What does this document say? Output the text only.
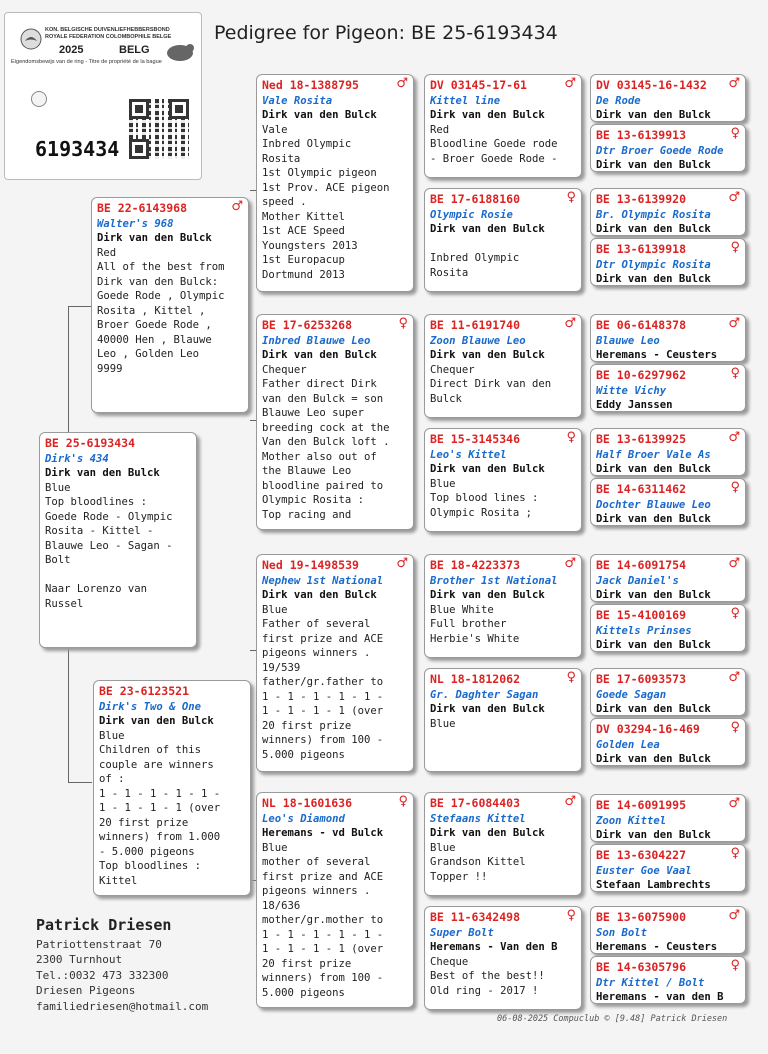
Pedigree for Pigeon: BE 25-6193434
KON. BELGISCHE DUIVENLIEFHEBBERSBOND
ROYALE FEDERATION COLOMBOPHILE BELGE
2025	BELG
Eigendomsbewijs van de ring - Titre de propriété de la bague
6193434
BE 25-6193434
Dirk's 434
Dirk van den Bulck
Blue
Top bloodlines :
Goede Rode - Olympic
Rosita - Kittel -
Blauwe Leo - Sagan -
Bolt

Naar Lorenzo van
Russel
BE 22-6143968	♂
Walter's 968
Dirk van den Bulck
Red
All of the best from
Dirk van den Bulck:
Goede Rode , Olympic
Rosita , Kittel ,
Broer Goede Rode ,
40000 Hen , Blauwe
Leo , Golden Leo
9999
BE 23-6123521
Dirk's Two & One
Dirk van den Bulck
Blue
Children of this
couple are winners
of :
1 - 1 - 1 - 1 - 1 -
1 - 1 - 1 - 1 (over
20 first prize
winners) from 1.000
- 5.000 pigeons
Top bloodlines :
Kittel
Ned 18-1388795	♂
Vale Rosita
Dirk van den Bulck
Vale
Inbred Olympic
Rosita
1st Olympic pigeon
1st Prov. ACE pigeon
speed .
Mother Kittel
1st ACE Speed
Youngsters 2013
1st Europacup
Dortmund 2013
BE 17-6253268	♀
Inbred Blauwe Leo
Dirk van den Bulck
Chequer
Father direct Dirk
van den Bulck = son
Blauwe Leo super
breeding cock at the
Van den Bulck loft .
Mother also out of
the Blauwe Leo
bloodline paired to
Olympic Rosita :
Top racing and
Ned 19-1498539	♂
Nephew 1st National
Dirk van den Bulck
Blue
Father of several
first prize and ACE
pigeons winners .
19/539
father/gr.father to
1 - 1 - 1 - 1 - 1 -
1 - 1 - 1 - 1 (over
20 first prize
winners) from 100 -
5.000 pigeons
NL 18-1601636	♀
Leo's Diamond
Heremans - vd Bulck
Blue
mother of several
first prize and ACE
pigeons winners .
18/636
mother/gr.mother to
1 - 1 - 1 - 1 - 1 -
1 - 1 - 1 - 1 (over
20 first prize
winners) from 100 -
5.000 pigeons
DV 03145-17-61	♂
Kittel line
Dirk van den Bulck
Red
Bloodline Goede rode
- Broer Goede Rode -
BE 17-6188160	♀
Olympic Rosie
Dirk van den Bulck

Inbred Olympic
Rosita
BE 11-6191740	♂
Zoon Blauwe Leo
Dirk van den Bulck
Chequer
Direct Dirk van den
Bulck
BE 15-3145346	♀
Leo's Kittel
Dirk van den Bulck
Blue
Top blood lines :
Olympic Rosita ;
BE 18-4223373	♂
Brother 1st National
Dirk van den Bulck
Blue White
Full brother
Herbie's White
NL 18-1812062	♀
Gr. Daghter Sagan
Dirk van den Bulck
Blue
BE 17-6084403	♂
Stefaans Kittel
Dirk van den Bulck
Blue
Grandson Kittel
Topper !!
BE 11-6342498	♀
Super Bolt
Heremans - Van den B
Cheque
Best of the best!!
Old ring - 2017 !
DV 03145-16-1432 ♂
De Rode
Dirk van den Bulck
BE 13-6139913	♀
Dtr Broer Goede Rode
Dirk van den Bulck
BE 13-6139920	♂
Br. Olympic Rosita
Dirk van den Bulck
BE 13-6139918	♀
Dtr Olympic Rosita
Dirk van den Bulck
BE 06-6148378	♂
Blauwe Leo
Heremans - Ceusters
BE 10-6297962	♀
Witte Vichy
Eddy Janssen
BE 13-6139925	♂
Half Broer Vale As
Dirk van den Bulck
BE 14-6311462	♀
Dochter Blauwe Leo
Dirk van den Bulck
BE 14-6091754	♂
Jack Daniel's
Dirk van den Bulck
BE 15-4100169	♀
Kittels Prinses
Dirk van den Bulck
BE 17-6093573	♂
Goede Sagan
Dirk van den Bulck
DV 03294-16-469 ♀
Golden Lea
Dirk van den Bulck
BE 14-6091995	♂
Zoon Kittel
Dirk van den Bulck
BE 13-6304227	♀
Euster Goe Vaal
Stefaan Lambrechts
BE 13-6075900	♂
Son Bolt
Heremans - Ceusters
BE 14-6305796	♀
Dtr Kittel / Bolt
Heremans - van den B
Patrick Driesen
Patriottenstraat 70
2300 Turnhout
Tel.:0032 473 332300
Driesen Pigeons
familiedriesen@hotmail.com
06-08-2025 Compuclub © [9.48] Patrick Driesen
